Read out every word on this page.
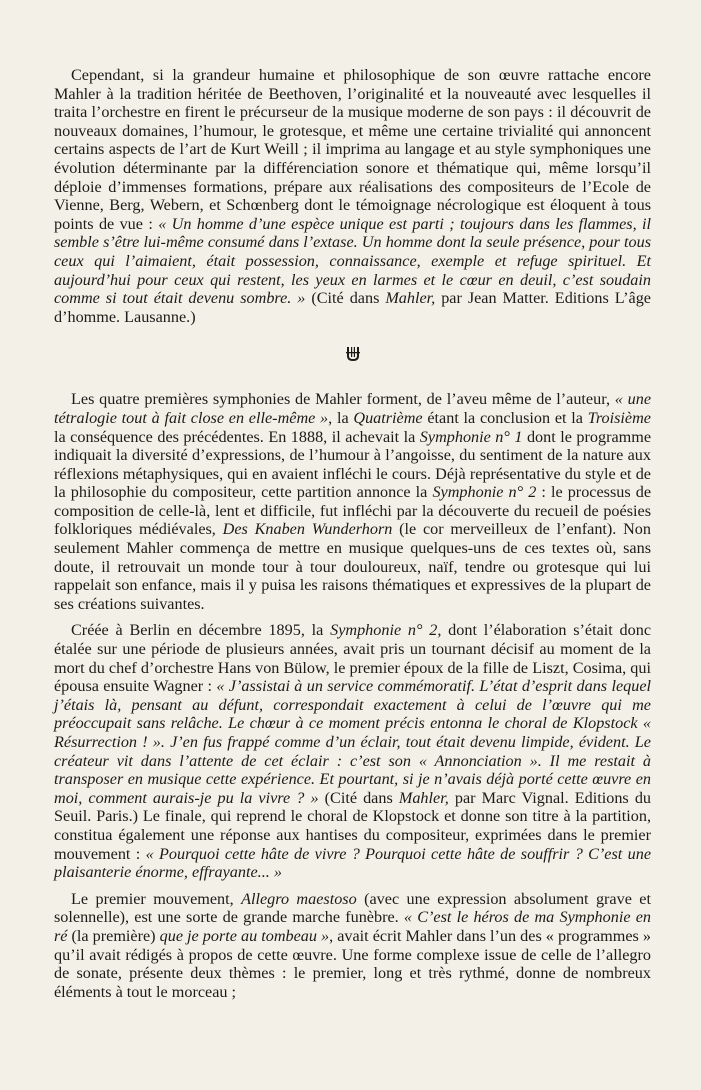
Cependant, si la grandeur humaine et philosophique de son œuvre rattache encore Mahler à la tradition héritée de Beethoven, l’originalité et la nouveauté avec lesquelles il traita l’orchestre en firent le précurseur de la musique moderne de son pays : il découvrit de nouveaux domaines, l’humour, le grotesque, et même une certaine trivialité qui annoncent certains aspects de l’art de Kurt Weill ; il imprima au langage et au style symphoniques une évolution déterminante par la différenciation sonore et thématique qui, même lorsqu’il déploie d’immenses formations, prépare aux réalisations des compositeurs de l’Ecole de Vienne, Berg, Webern, et Schœnberg dont le témoignage nécrologique est éloquent à tous points de vue : « Un homme d’une espèce unique est parti ; toujours dans les flammes, il semble s’être lui-même consumé dans l’extase. Un homme dont la seule présence, pour tous ceux qui l’aimaient, était possession, connaissance, exemple et refuge spirituel. Et aujourd’hui pour ceux qui restent, les yeux en larmes et le cœur en deuil, c’est soudain comme si tout était devenu sombre. » (Cité dans Mahler, par Jean Matter. Editions L’âge d’homme. Lausanne.)

Les quatre premières symphonies de Mahler forment, de l’aveu même de l’auteur, « une tétralogie tout à fait close en elle-même », la Quatrième étant la conclusion et la Troisième la conséquence des précédentes. En 1888, il achevait la Symphonie n° 1 dont le programme indiquait la diversité d’expressions, de l’humour à l’angoisse, du sentiment de la nature aux réflexions métaphysiques, qui en avaient infléchi le cours. Déjà représentative du style et de la philosophie du compositeur, cette partition annonce la Symphonie n° 2 : le processus de composition de celle-là, lent et difficile, fut infléchi par la découverte du recueil de poésies folkloriques médiévales, Des Knaben Wunderhorn (le cor merveilleux de l’enfant). Non seulement Mahler commença de mettre en musique quelques-uns de ces textes où, sans doute, il retrouvait un monde tour à tour douloureux, naïf, tendre ou grotesque qui lui rappelait son enfance, mais il y puisa les raisons thématiques et expressives de la plupart de ses créations suivantes.

Créée à Berlin en décembre 1895, la Symphonie n° 2, dont l’élaboration s’était donc étalée sur une période de plusieurs années, avait pris un tournant décisif au moment de la mort du chef d’orchestre Hans von Bülow, le premier époux de la fille de Liszt, Cosima, qui épousa ensuite Wagner : « J’assistai à un service commémoratif. L’état d’esprit dans lequel j’étais là, pensant au défunt, correspondait exactement à celui de l’œuvre qui me préoccupait sans relâche. Le chœur à ce moment précis entonna le choral de Klopstock « Résurrection ! ». J’en fus frappé comme d’un éclair, tout était devenu limpide, évident. Le créateur vit dans l’attente de cet éclair : c’est son « Annonciation ». Il me restait à transposer en musique cette expérience. Et pourtant, si je n’avais déjà porté cette œuvre en moi, comment aurais-je pu la vivre ? » (Cité dans Mahler, par Marc Vignal. Editions du Seuil. Paris.) Le finale, qui reprend le choral de Klopstock et donne son titre à la partition, constitua également une réponse aux hantises du compositeur, exprimées dans le premier mouvement : « Pourquoi cette hâte de vivre ? Pourquoi cette hâte de souffrir ? C’est une plaisanterie énorme, effrayante... »

Le premier mouvement, Allegro maestoso (avec une expression absolument grave et solennelle), est une sorte de grande marche funèbre. « C’est le héros de ma Symphonie en ré (la première) que je porte au tombeau », avait écrit Mahler dans l’un des « programmes » qu’il avait rédigés à propos de cette œuvre. Une forme complexe issue de celle de l’allegro de sonate, présente deux thèmes : le premier, long et très rythmé, donne de nombreux éléments à tout le morceau ;
